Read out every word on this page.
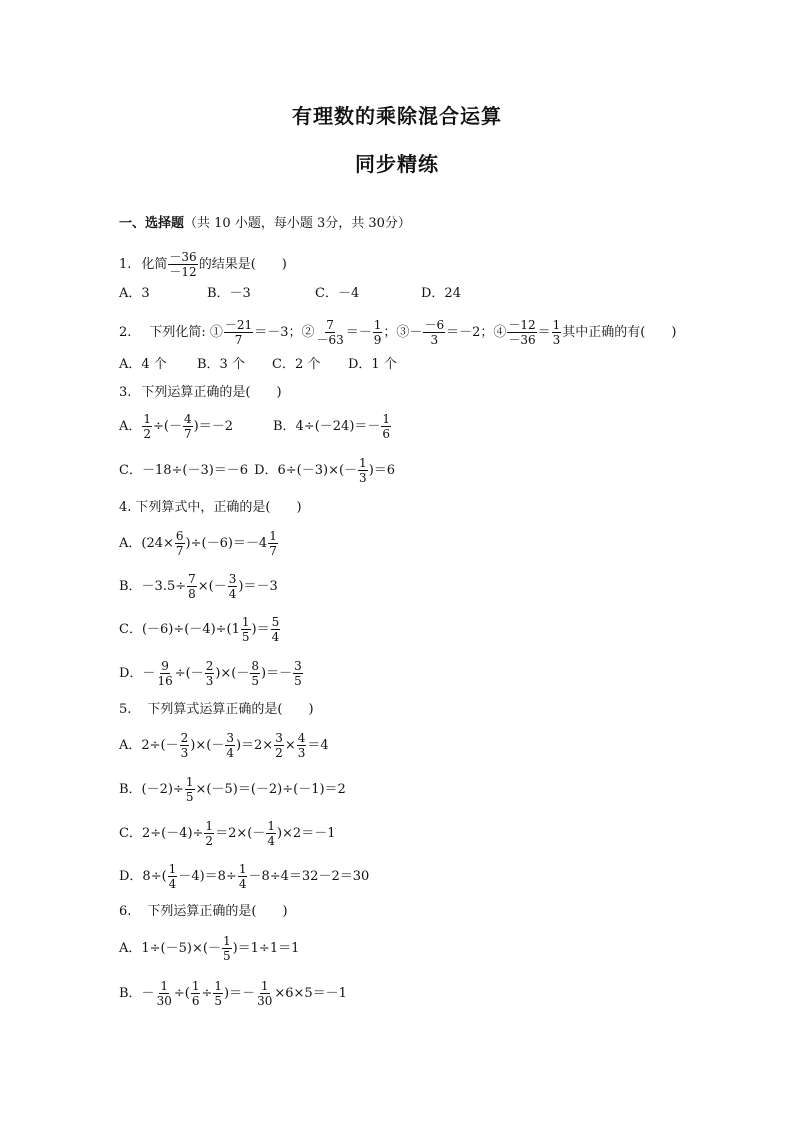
有理数的乘除混合运算
同步精练
一、选择题 （共 10 小题，每小题 3分，共 30分）
1. 化简 $\frac{-36}{-12}$ 的结果是(　　)
A．3	B．－3	C．－4	D．24
2. 下列化简: ① $\frac{-21}{7} =-3$；② $\frac{7}{-63} =- \frac{1}{9}$ ；③－ $\frac{-6}{3} =-2$；④ $\frac{-12}{-36} = \frac{1}{3}$ 其中正确的有(　　)
A．4 个	B．3 个	C．2 个	D．1 个
3. 下列运算正确的是(　　)
A． $\frac{1}{2}$ ÷(－ $\frac{4}{7} )=-2$	B．$4\div(-24)=- \frac{1}{6}$
C．－18÷(－3)＝－6 D．$6\div(-3)\times(- \frac{1}{3} )=6$
4. 下列算式中，正确的是(　　)
A．$(24\times \frac{6}{7} )\div(-6)=-4 \frac{1}{7}$
B．$-3.5\div \frac{7}{8}$ ×(－ $\frac{3}{4} )=-3$
C．$(-6)\div(-4)\div(1 \frac{1}{5}$ )＝ $\frac{5}{4}$
D．－ $\frac{9}{16}$ ÷(－ $\frac{2}{3}$ )×(－ $\frac{8}{5}$ )＝－ $\frac{3}{5}$
5. 下列算式运算正确的是(　　)
A．$2\div(- \frac{2}{3}$ )×(－ $\frac{3}{4} )=2\times \frac{3}{2} \times \frac{4}{3} =4$
B．$(-2)\div \frac{1}{5} \times(-5)=(-2)\div(-1)=2$
C．$2\div(-4)\div \frac{1}{2} =2\times(- \frac{1}{4} )\times 2=-1$
D．$8\div( \frac{1}{4} -4)=8\div \frac{1}{4} -8\div 4=32-2=30$
6. 下列运算正确的是(　　)
A．$1\div(-5)\times(- \frac{1}{5} )=1\div 1=1$
B．－ $\frac{1}{30}$ ÷( $\frac{1}{6} \div \frac{1}{5}$ )＝－ $\frac{1}{30} \times 6\times 5=-1$
